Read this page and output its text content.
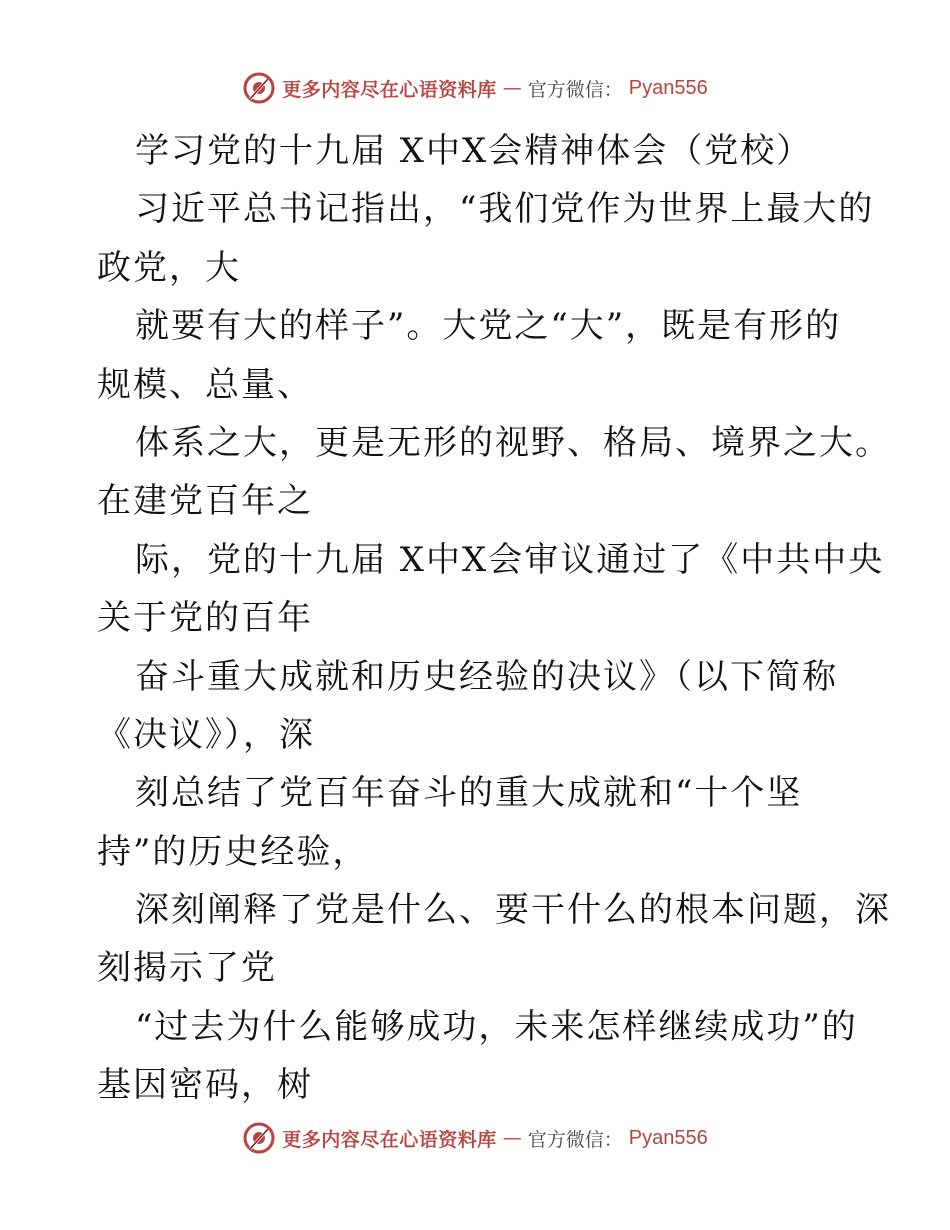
更多内容尽在心语资料库 — 官方微信： Pyan556
学习党的十九届 X中X会精神体会（党校）
习近平总书记指出，“我们党作为世界上最大的
政党，大
就要有大的样子”。大党之“大”，既是有形的
规模、总量、
体系之大，更是无形的视野、格局、境界之大。
在建党百年之
际，党的十九届 X中X会审议通过了《中共中央
关于党的百年
奋斗重大成就和历史经验的决议》（以下简称
《决议》），深
刻总结了党百年奋斗的重大成就和“十个坚
持”的历史经验，
深刻阐释了党是什么、要干什么的根本问题，深
刻揭示了党
“过去为什么能够成功，未来怎样继续成功”的
基因密码，树
更多内容尽在心语资料库 — 官方微信： Pyan556
